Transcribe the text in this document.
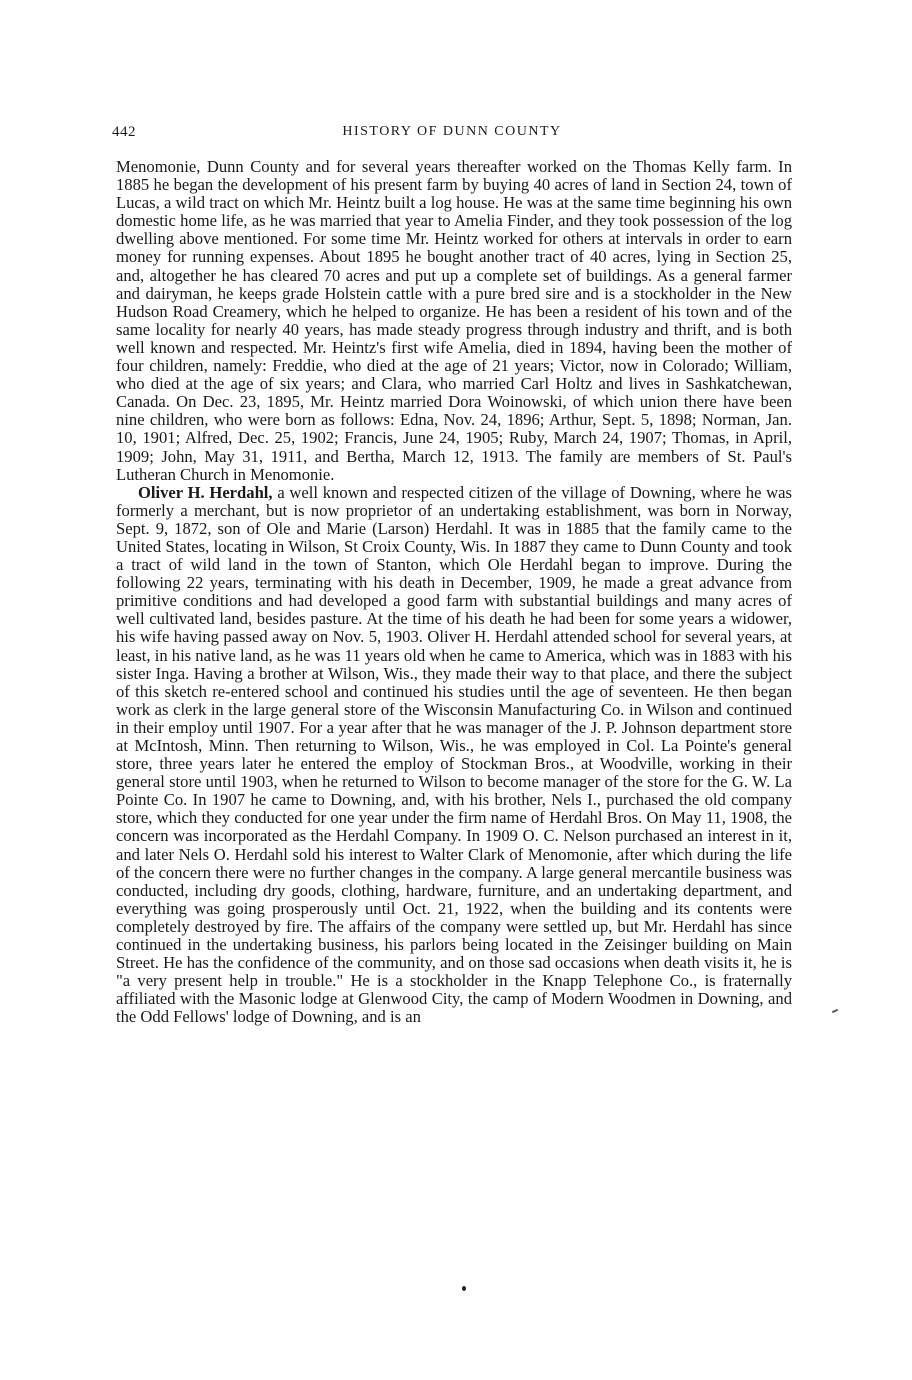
442	HISTORY OF DUNN COUNTY

Menomonie, Dunn County and for several years thereafter worked on the Thomas Kelly farm. In 1885 he began the development of his present farm by buying 40 acres of land in Section 24, town of Lucas, a wild tract on which Mr. Heintz built a log house. He was at the same time beginning his own domestic home life, as he was married that year to Amelia Finder, and they took possession of the log dwelling above mentioned. For some time Mr. Heintz worked for others at intervals in order to earn money for running expenses. About 1895 he bought another tract of 40 acres, lying in Section 25, and, altogether he has cleared 70 acres and put up a complete set of buildings. As a general farmer and dairyman, he keeps grade Holstein cattle with a pure bred sire and is a stockholder in the New Hudson Road Creamery, which he helped to organize. He has been a resident of his town and of the same locality for nearly 40 years, has made steady progress through industry and thrift, and is both well known and respected. Mr. Heintz's first wife Amelia, died in 1894, having been the mother of four children, namely: Freddie, who died at the age of 21 years; Victor, now in Colorado; William, who died at the age of six years; and Clara, who married Carl Holtz and lives in Sashkatchewan, Canada. On Dec. 23, 1895, Mr. Heintz married Dora Woinowski, of which union there have been nine children, who were born as follows: Edna, Nov. 24, 1896; Arthur, Sept. 5, 1898; Norman, Jan. 10, 1901; Alfred, Dec. 25, 1902; Francis, June 24, 1905; Ruby, March 24, 1907; Thomas, in April, 1909; John, May 31, 1911, and Bertha, March 12, 1913. The family are members of St. Paul's Lutheran Church in Menomonie.

Oliver H. Herdahl, a well known and respected citizen of the village of Downing, where he was formerly a merchant, but is now proprietor of an undertaking establishment, was born in Norway, Sept. 9, 1872, son of Ole and Marie (Larson) Herdahl. It was in 1885 that the family came to the United States, locating in Wilson, St Croix County, Wis. In 1887 they came to Dunn County and took a tract of wild land in the town of Stanton, which Ole Herdahl began to improve. During the following 22 years, terminating with his death in December, 1909, he made a great advance from primitive conditions and had developed a good farm with substantial buildings and many acres of well cultivated land, besides pasture. At the time of his death he had been for some years a widower, his wife having passed away on Nov. 5, 1903. Oliver H. Herdahl attended school for several years, at least, in his native land, as he was 11 years old when he came to America, which was in 1883 with his sister Inga. Having a brother at Wilson, Wis., they made their way to that place, and there the subject of this sketch re-entered school and continued his studies until the age of seventeen. He then began work as clerk in the large general store of the Wisconsin Manufacturing Co. in Wilson and continued in their employ until 1907. For a year after that he was manager of the J. P. Johnson department store at McIntosh, Minn. Then returning to Wilson, Wis., he was employed in Col. La Pointe's general store, three years later he entered the employ of Stockman Bros., at Woodville, working in their general store until 1903, when he returned to Wilson to become manager of the store for the G. W. La Pointe Co. In 1907 he came to Downing, and, with his brother, Nels I., purchased the old company store, which they conducted for one year under the firm name of Herdahl Bros. On May 11, 1908, the concern was incorporated as the Herdahl Company. In 1909 O. C. Nelson purchased an interest in it, and later Nels O. Herdahl sold his interest to Walter Clark of Menomonie, after which during the life of the concern there were no further changes in the company. A large general mercantile business was conducted, including dry goods, clothing, hardware, furniture, and an undertaking department, and everything was going prosperously until Oct. 21, 1922, when the building and its contents were completely destroyed by fire. The affairs of the company were settled up, but Mr. Herdahl has since continued in the undertaking business, his parlors being located in the Zeisinger building on Main Street. He has the confidence of the community, and on those sad occasions when death visits it, he is "a very present help in trouble." He is a stockholder in the Knapp Telephone Co., is fraternally affiliated with the Masonic lodge at Glenwood City, the camp of Modern Woodmen in Downing, and the Odd Fellows' lodge of Downing, and is an
